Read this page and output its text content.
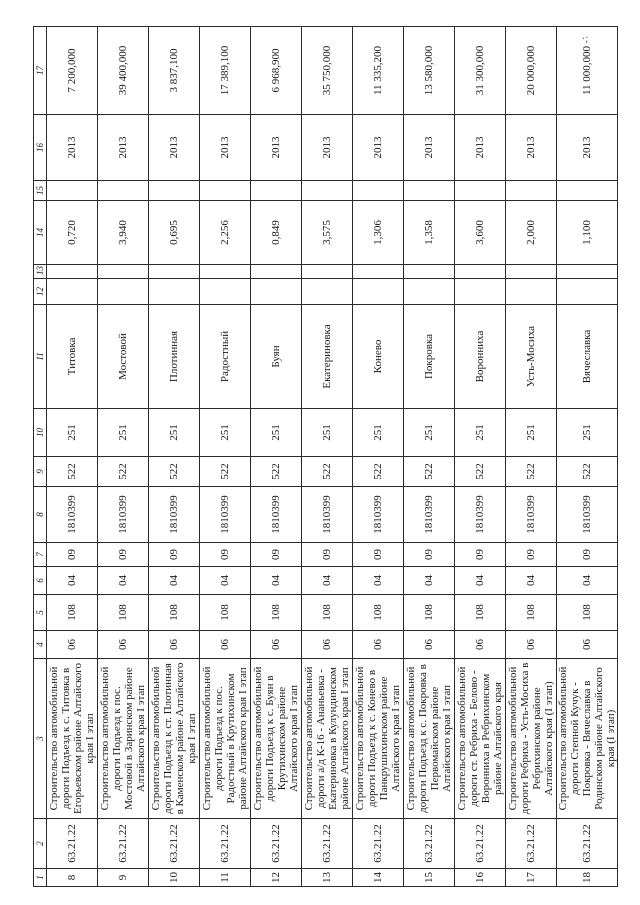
1	2	3	4	5	6	7	8	9	10	11	12	13	14	15	16	17
8	63.21.22	Строительство автомобильной дороги Подъезд к с. Титовка в Егорьевском районе Алтайского края I этап	06	108	04	09	1810399	522	251	Титовка			0,720		2013	7 200,000
9	63.21.22	Строительство автомобильной дороги Подъезд к пос. Мостовой в Заринском районе Алтайского края I этап	06	108	04	09	1810399	522	251	Мостовой			3,940		2013	39 400,000
10	63.21.22	Строительство автомобильной дороги Подъезд к ст. Плотинная в Каменском районе Алтайского края I этап	06	108	04	09	1810399	522	251	Плотинная			0,695		2013	3 837,100
11	63.21.22	Строительство автомобильной дороги Подъезд к пос. Радостный в Крутихинском районе Алтайского края I этап	06	108	04	09	1810399	522	251	Радостный			2,256		2013	17 389,100
12	63.21.22	Строительство автомобильной дороги Подъезд к с. Буян в Крутихинском районе Алтайского края I этап	06	108	04	09	1810399	522	251	Буян			0,849		2013	6 968,900
13	63.21.22	Строительство автомобильной дороги а/д К-16 - Ананьевка - Екатериновка в Кулундинском районе Алтайского края I этап	06	108	04	09	1810399	522	251	Екатериновка			3,575		2013	35 750,000
14	63.21.22	Строительство автомобильной дороги Подъезд к с. Конево в Панкрушихинском районе Алтайского края I этап	06	108	04	09	1810399	522	251	Конево			1,306		2013	11 335,200
15	63.21.22	Строительство автомобильной дороги Подъезд к с. Покровка в Первомайском районе Алтайского края I этап	06	108	04	09	1810399	522	251	Покровка			1,358		2013	13 580,000
16	63.21.22	Строительство автомобильной дороги ст. Ребриха - Белово - Воронниха в Ребрихинском районе Алтайского края	06	108	04	09	1810399	522	251	Воронниха			3,600		2013	31 300,000
17	63.21.22	Строительство автомобильной дороги Ребриха - Усть-Мосиха в Ребрихинском районе Алтайского края (I этап)	06	108	04	09	1810399	522	251	Усть-Мосиха			2,000		2013	20 000,000
18	63.21.22	Строительство автомобильной дороги Степной Кучук - Покровка - Вячеславка в Родинском районе Алтайского края (I этап)	06	108	04	09	1810399	522	251	Вячеславка			1,100		2013	11 000,000
·;
